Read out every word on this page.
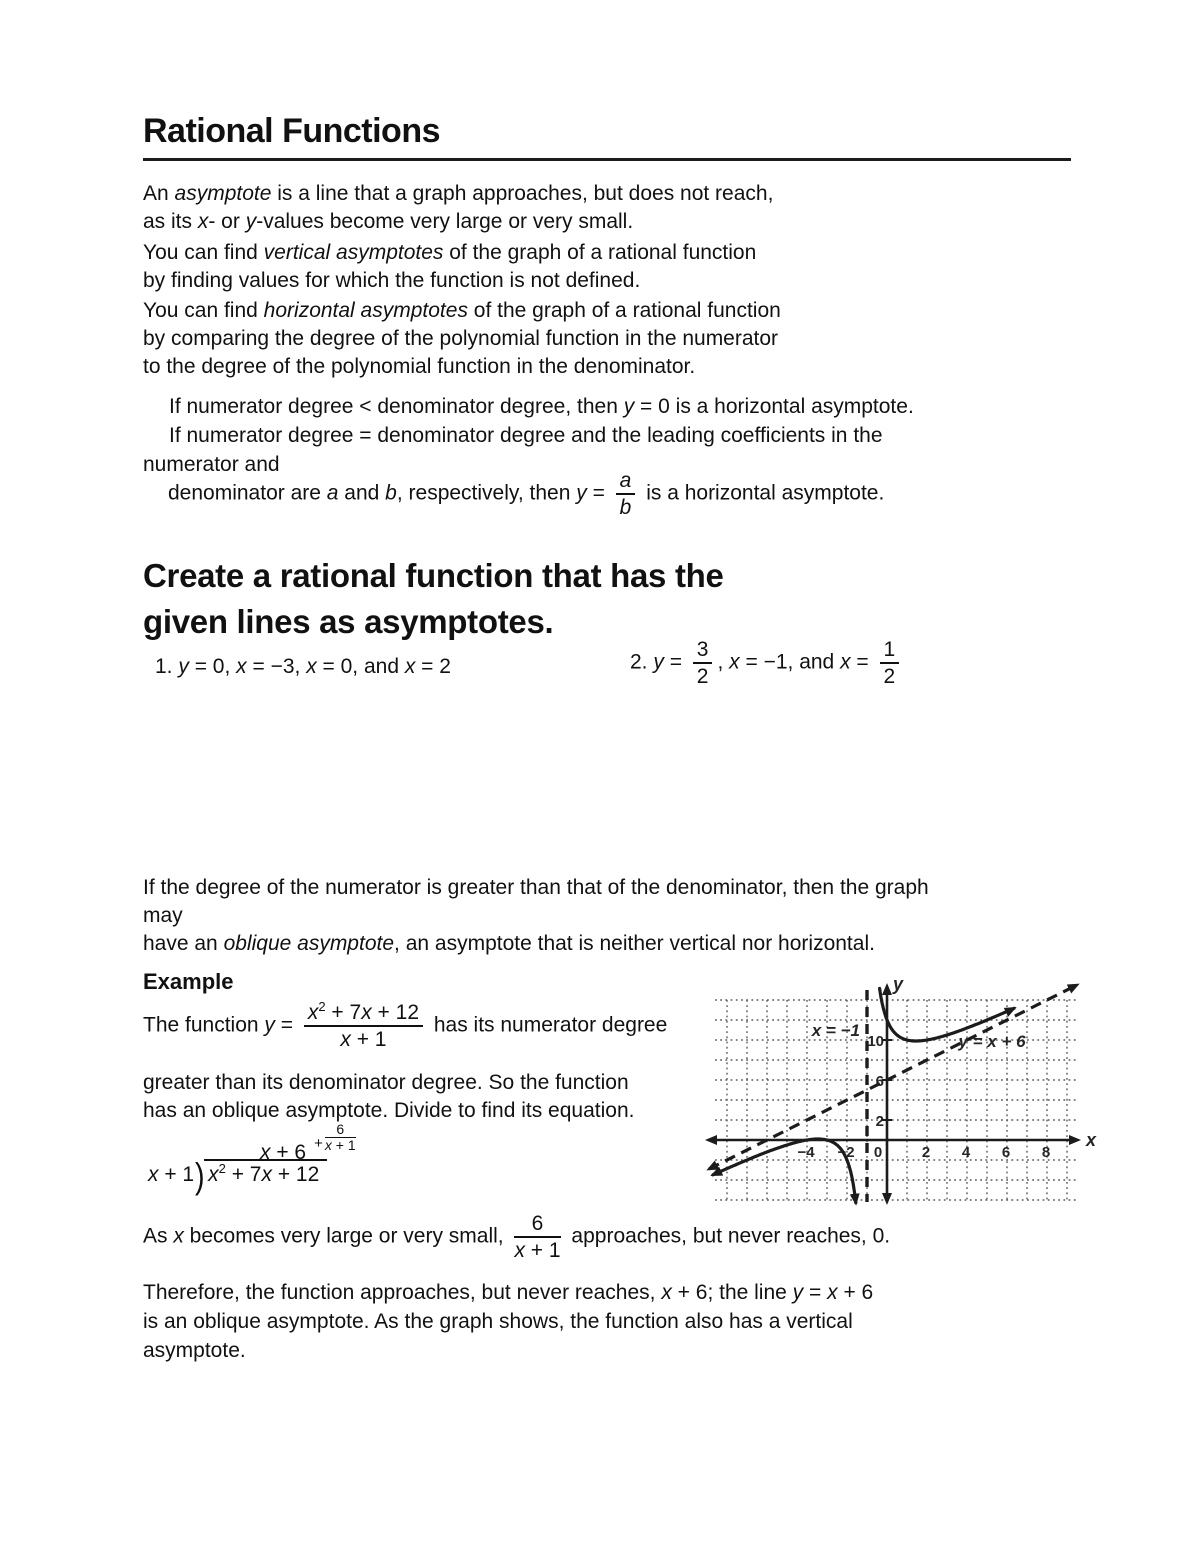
Rational Functions
An asymptote is a line that a graph approaches, but does not reach,
as its x- or y-values become very large or very small.
You can find vertical asymptotes of the graph of a rational function
by finding values for which the function is not defined.
You can find horizontal asymptotes of the graph of a rational function
by comparing the degree of the polynomial function in the numerator
to the degree of the polynomial function in the denominator.
If numerator degree < denominator degree, then y = 0 is a horizontal asymptote.
If numerator degree = denominator degree and the leading coefficients in the
numerator and
denominator are a and b, respectively, then $y = \frac{a}{b}$ is a horizontal asymptote.
Create a rational function that has the
given lines as asymptotes.
1. y = 0, x = −3, x = 0, and x = 2	2. $y = \frac{3}{2}$ , x = −1, and $x = \frac{1}{2}$
If the degree of the numerator is greater than that of the denominator, then the graph
may
have an oblique asymptote, an asymptote that is neither vertical nor horizontal.
Example
The function $y = \frac{x^2 + 7x + 12}{x + 1}$ has its numerator degree
greater than its denominator degree. So the function
has an oblique asymptote. Divide to find its equation.
$x + 6 + \frac{6}{x + 1}$
x + 1) $x^2 + 7x + 12$
x
y
−4 −2 0	2 4 6 8
2
6
10
x = −1
y = x + 6
As x becomes very large or very small, $\frac{6}{x + 1}$ approaches, but never reaches, 0.
Therefore, the function approaches, but never reaches, x + 6; the line y = x + 6
is an oblique asymptote. As the graph shows, the function also has a vertical
asymptote.
